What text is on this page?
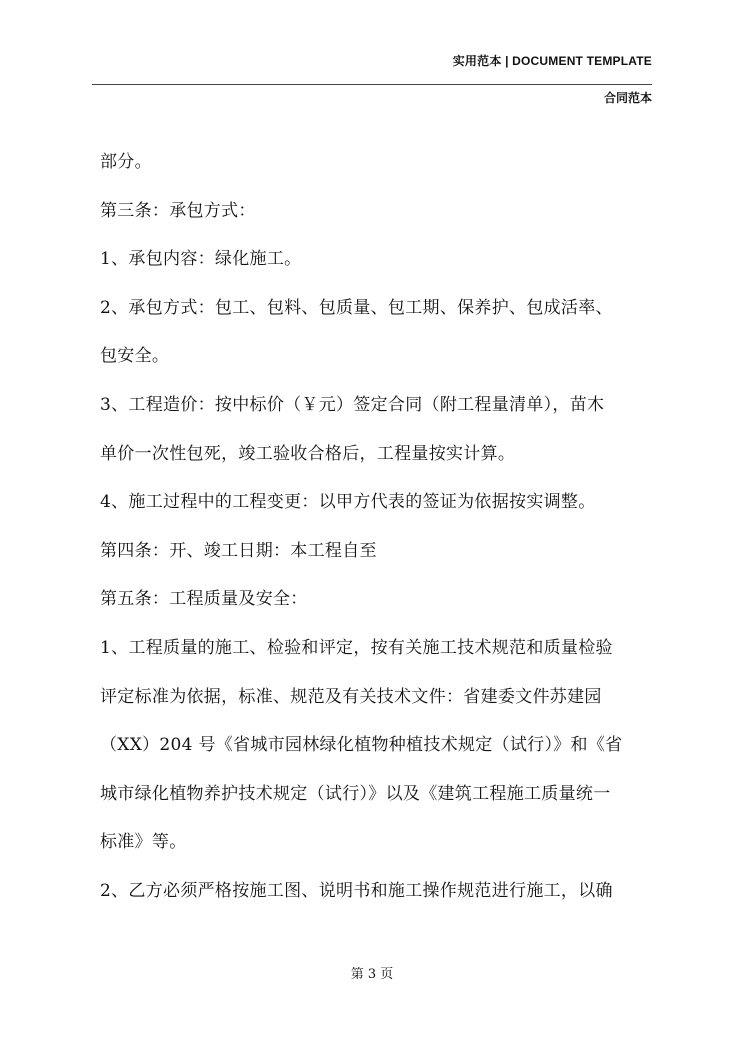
实用范本 | DOCUMENT TEMPLATE
合同范本

部分。

第三条：承包方式：

1、承包内容：绿化施工。

2、承包方式：包工、包料、包质量、包工期、保养护、包成活率、

包安全。

3、工程造价：按中标价（￥元）签定合同（附工程量清单），苗木

单价一次性包死，竣工验收合格后，工程量按实计算。

4、施工过程中的工程变更：以甲方代表的签证为依据按实调整。

第四条：开、竣工日期：本工程自至

第五条：工程质量及安全：

1、工程质量的施工、检验和评定，按有关施工技术规范和质量检验

评定标准为依据，标准、规范及有关技术文件：省建委文件苏建园

（XX）204 号《省城市园林绿化植物种植技术规定（试行）》和《省

城市绿化植物养护技术规定（试行）》以及《建筑工程施工质量统一

标准》等。

2、乙方必须严格按施工图、说明书和施工操作规范进行施工，以确

第 3 页
